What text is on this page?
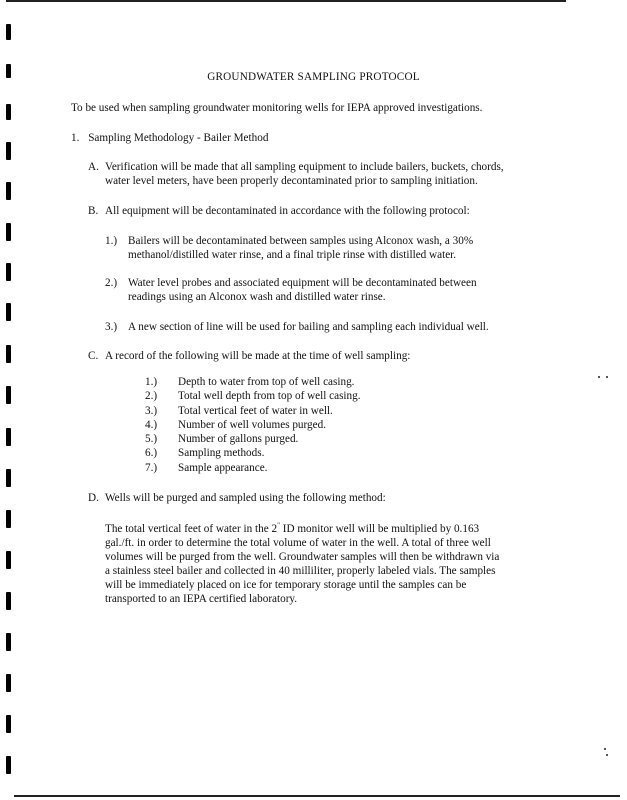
GROUNDWATER SAMPLING PROTOCOL
To be used when sampling groundwater monitoring wells for IEPA approved investigations.
1. Sampling Methodology - Bailer Method
A. Verification will be made that all sampling equipment to include bailers, buckets, chords,
water level meters, have been properly decontaminated prior to sampling initiation.
B. All equipment will be decontaminated in accordance with the following protocol:
1.) Bailers will be decontaminated between samples using Alconox wash, a 30%
methanol/distilled water rinse, and a final triple rinse with distilled water.
2.) Water level probes and associated equipment will be decontaminated between
readings using an Alconox wash and distilled water rinse.
3.) A new section of line will be used for bailing and sampling each individual well.
C. A record of the following will be made at the time of well sampling:
1.) Depth to water from top of well casing.
2.) Total well depth from top of well casing.
3.) Total vertical feet of water in well.
4.) Number of well volumes purged.
5.) Number of gallons purged.
6.) Sampling methods.
7.) Sample appearance.
D. Wells will be purged and sampled using the following method:
The total vertical feet of water in the 2" ID monitor well will be multiplied by 0.163
gal./ft. in order to determine the total volume of water in the well. A total of three well
volumes will be purged from the well. Groundwater samples will then be withdrawn via
a stainless steel bailer and collected in 40 milliliter, properly labeled vials. The samples
will be immediately placed on ice for temporary storage until the samples can be
transported to an IEPA certified laboratory.
